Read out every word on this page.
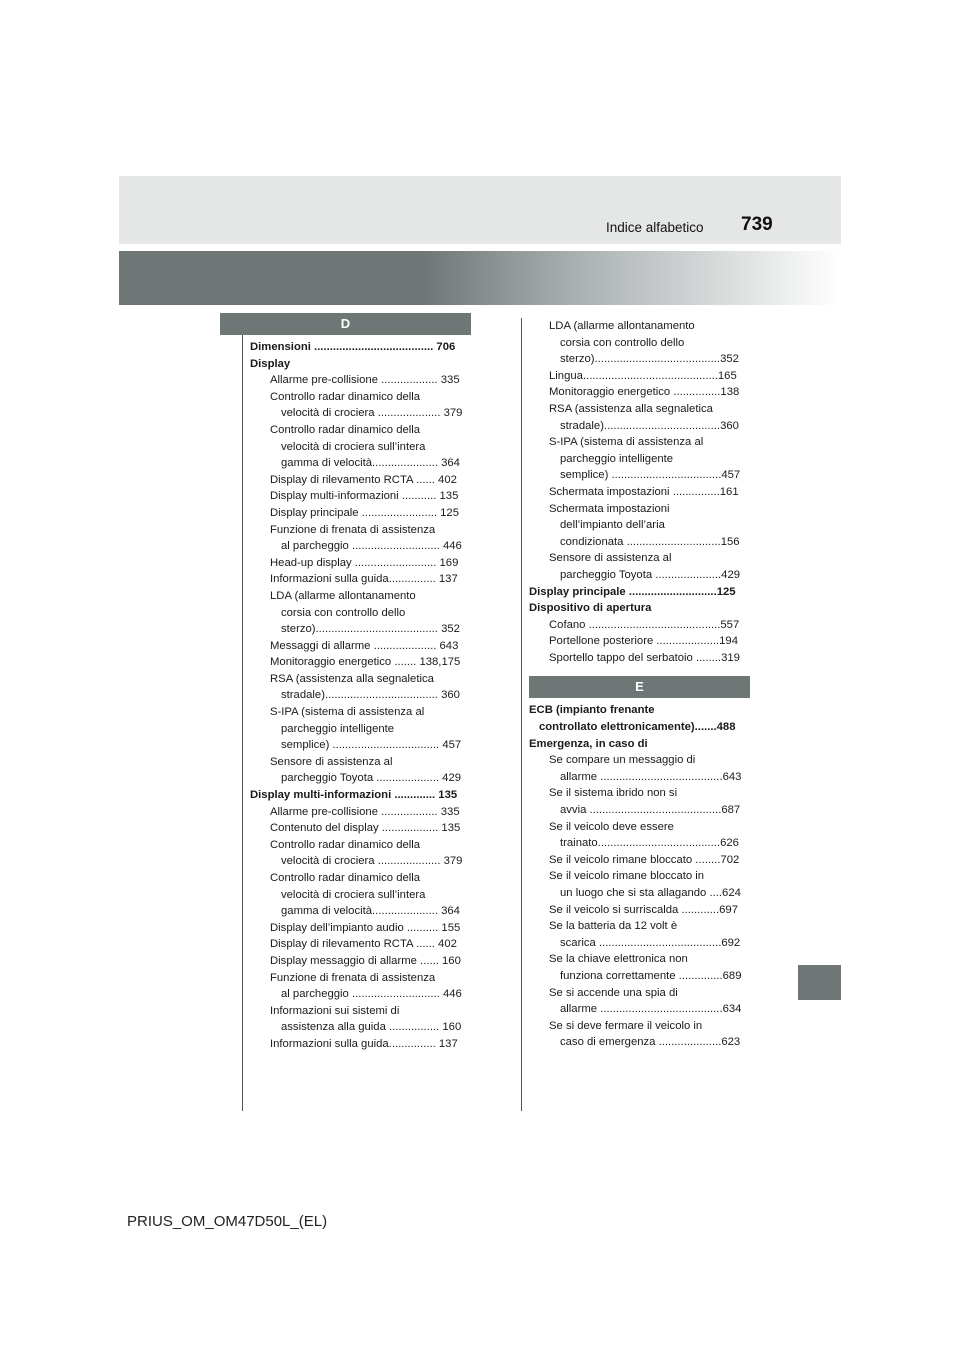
Indice alfabetico 739
D
Dimensioni ...................................... 706
Display
Allarme pre-collisione .................. 335
Controllo radar dinamico della
velocità di crociera .................... 379
Controllo radar dinamico della
velocità di crociera sull’intera
gamma di velocità..................... 364
Display di rilevamento RCTA ...... 402
Display multi-informazioni ........... 135
Display principale ........................ 125
Funzione di frenata di assistenza
al parcheggio ............................ 446
Head-up display .......................... 169
Informazioni sulla guida............... 137
LDA (allarme allontanamento
corsia con controllo dello
sterzo)....................................... 352
Messaggi di allarme .................... 643
Monitoraggio energetico ....... 138,175
RSA (assistenza alla segnaletica
stradale).................................... 360
S-IPA (sistema di assistenza al
parcheggio intelligente
semplice) .................................. 457
Sensore di assistenza al
parcheggio Toyota .................... 429
Display multi-informazioni ............. 135
Allarme pre-collisione .................. 335
Contenuto del display .................. 135
Controllo radar dinamico della
velocità di crociera .................... 379
Controllo radar dinamico della
velocità di crociera sull’intera
gamma di velocità..................... 364
Display dell’impianto audio .......... 155
Display di rilevamento RCTA ...... 402
Display messaggio di allarme ...... 160
Funzione di frenata di assistenza
al parcheggio ............................ 446
Informazioni sui sistemi di
assistenza alla guida ................ 160
Informazioni sulla guida............... 137
LDA (allarme allontanamento
corsia con controllo dello
sterzo)........................................352
Lingua...........................................165
Monitoraggio energetico ...............138
RSA (assistenza alla segnaletica
stradale).....................................360
S-IPA (sistema di assistenza al
parcheggio intelligente
semplice) ...................................457
Schermata impostazioni ...............161
Schermata impostazioni
dell’impianto dell’aria
condizionata ..............................156
Sensore di assistenza al
parcheggio Toyota .....................429
Display principale ............................125
Dispositivo di apertura
Cofano ..........................................557
Portellone posteriore ....................194
Sportello tappo del serbatoio ........319
E
ECB (impianto frenante
controllato elettronicamente).......488
Emergenza, in caso di
Se compare un messaggio di
allarme .......................................643
Se il sistema ibrido non si
avvia ..........................................687
Se il veicolo deve essere
trainato.......................................626
Se il veicolo rimane bloccato ........702
Se il veicolo rimane bloccato in
un luogo che si sta allagando ....624
Se il veicolo si surriscalda ............697
Se la batteria da 12 volt è
scarica .......................................692
Se la chiave elettronica non
funziona correttamente ..............689
Se si accende una spia di
allarme .......................................634
Se si deve fermare il veicolo in
caso di emergenza ....................623
PRIUS_OM_OM47D50L_(EL)
